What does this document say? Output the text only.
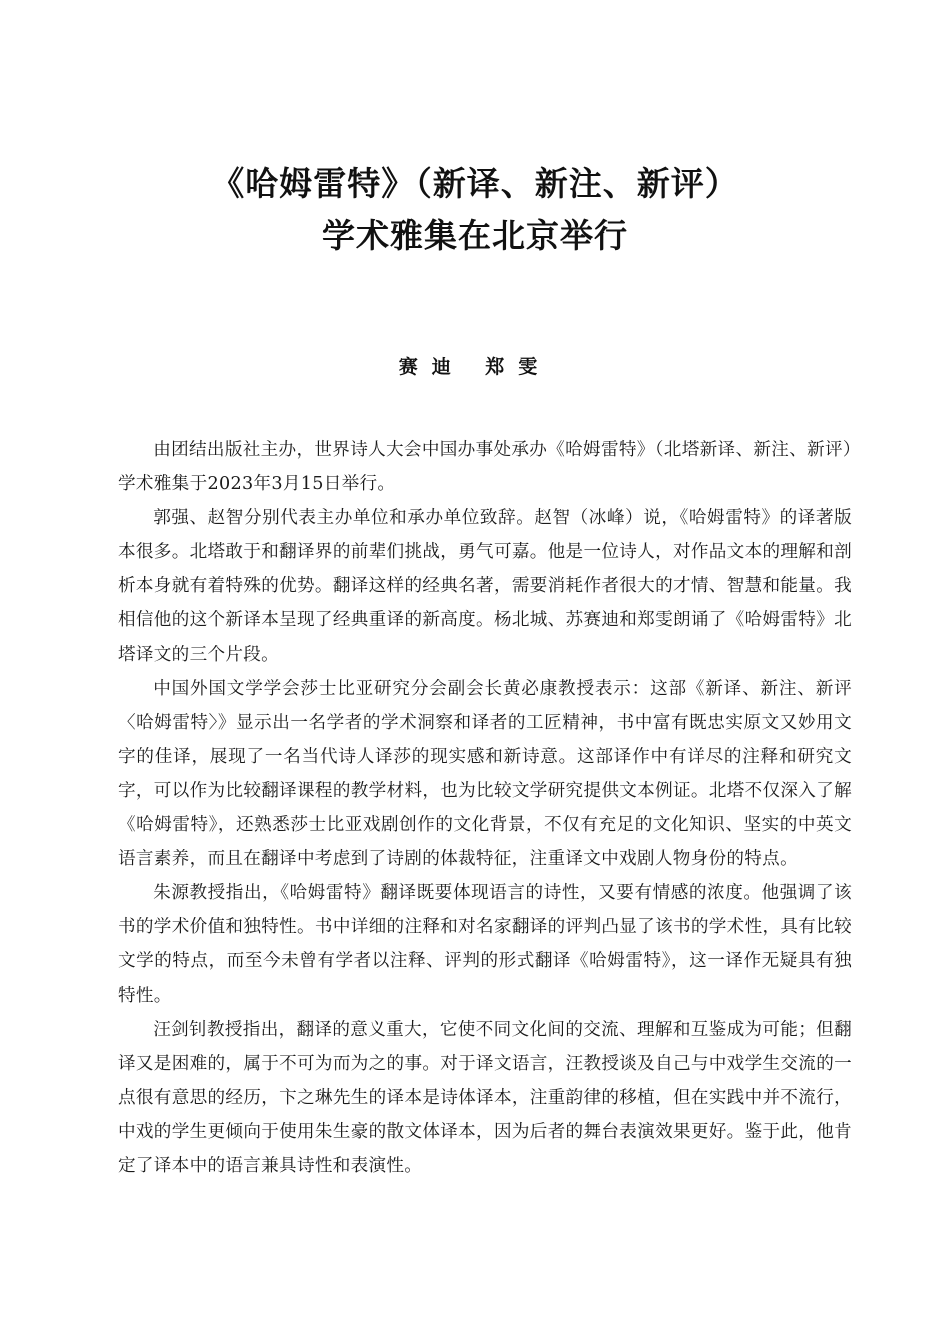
《哈姆雷特》（新译、新注、新评）
学术雅集在北京举行
赛迪 郑雯

由团结出版社主办，世界诗人大会中国办事处承办《哈姆雷特》（北塔新译、新注、新评）学术雅集于2023年3月15日举行。

郭强、赵智分别代表主办单位和承办单位致辞。赵智（冰峰）说，《哈姆雷特》的译著版本很多。北塔敢于和翻译界的前辈们挑战，勇气可嘉。他是一位诗人，对作品文本的理解和剖析本身就有着特殊的优势。翻译这样的经典名著，需要消耗作者很大的才情、智慧和能量。我相信他的这个新译本呈现了经典重译的新高度。杨北城、苏赛迪和郑雯朗诵了《哈姆雷特》北塔译文的三个片段。

中国外国文学学会莎士比亚研究分会副会长黄必康教授表示：这部《新译、新注、新评〈哈姆雷特〉》显示出一名学者的学术洞察和译者的工匠精神，书中富有既忠实原文又妙用文字的佳译，展现了一名当代诗人译莎的现实感和新诗意。这部译作中有详尽的注释和研究文字，可以作为比较翻译课程的教学材料，也为比较文学研究提供文本例证。北塔不仅深入了解《哈姆雷特》，还熟悉莎士比亚戏剧创作的文化背景，不仅有充足的文化知识、坚实的中英文语言素养，而且在翻译中考虑到了诗剧的体裁特征，注重译文中戏剧人物身份的特点。

朱源教授指出，《哈姆雷特》翻译既要体现语言的诗性，又要有情感的浓度。他强调了该书的学术价值和独特性。书中详细的注释和对名家翻译的评判凸显了该书的学术性，具有比较文学的特点，而至今未曾有学者以注释、评判的形式翻译《哈姆雷特》，这一译作无疑具有独特性。

汪剑钊教授指出，翻译的意义重大，它使不同文化间的交流、理解和互鉴成为可能；但翻译又是困难的，属于不可为而为之的事。对于译文语言，汪教授谈及自己与中戏学生交流的一点很有意思的经历，卞之琳先生的译本是诗体译本，注重韵律的移植，但在实践中并不流行，中戏的学生更倾向于使用朱生豪的散文体译本，因为后者的舞台表演效果更好。鉴于此，他肯定了译本中的语言兼具诗性和表演性。
